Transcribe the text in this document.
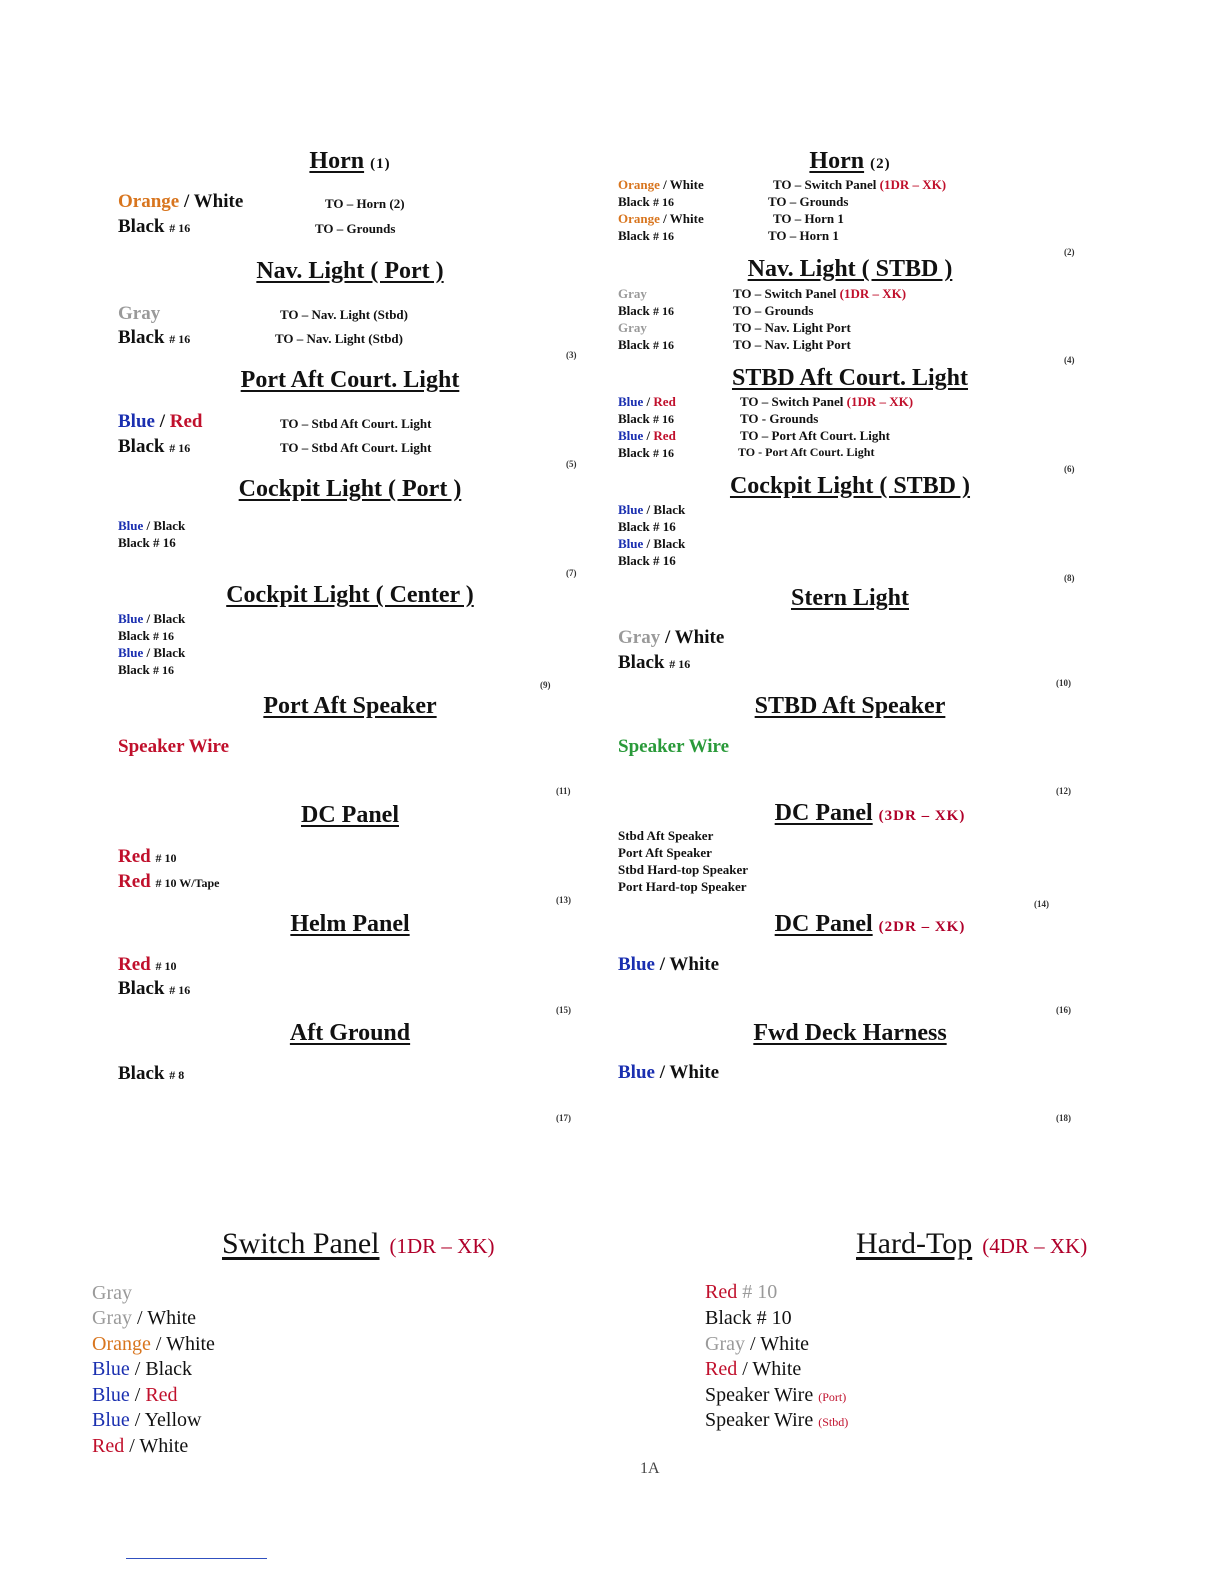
Horn (1)
Orange / White	TO – Horn (2)
Black # 16	TO – Grounds
Nav. Light ( Port )
Gray	TO – Nav. Light (Stbd)
Black # 16	TO – Nav. Light (Stbd)
(3)
Port Aft Court. Light
Blue / Red	TO – Stbd Aft Court. Light
Black # 16	TO – Stbd Aft Court. Light
(5)
Cockpit Light ( Port )
Blue / Black
Black # 16
(7)
Cockpit Light ( Center )
Blue / Black
Black # 16
Blue / Black
Black # 16
(9)
Port Aft Speaker
Speaker Wire
(11)
DC Panel
Red # 10
Red # 10 W/Tape
(13)
Helm Panel
Red # 10
Black # 16
(15)
Aft Ground
Black # 8
(17)
Horn (2)
Orange / White	TO – Switch Panel (1DR – XK)
Black # 16	TO – Grounds
Orange / White	TO – Horn 1
Black # 16	TO – Horn 1
(2)
Nav. Light ( STBD )
Gray	TO – Switch Panel (1DR – XK)
Black # 16	TO – Grounds
Gray	TO – Nav. Light Port
Black # 16	TO – Nav. Light Port
(4)
STBD Aft Court. Light
Blue / Red	TO – Switch Panel (1DR – XK)
Black # 16	TO - Grounds
Blue / Red	TO – Port Aft Court. Light
Black # 16	TO - Port Aft Court. Light
(6)
Cockpit Light ( STBD )
Blue / Black
Black # 16
Blue / Black
Black # 16
(8)
Stern Light
Gray / White
Black # 16
(10)
STBD Aft Speaker
Speaker Wire
(12)
DC Panel (3DR – XK)
Stbd Aft Speaker
Port Aft Speaker
Stbd Hard-top Speaker
Port Hard-top Speaker
(14)
DC Panel (2DR – XK)
Blue / White
(16)
Fwd Deck Harness
Blue / White
(18)
Switch Panel (1DR – XK)
Gray
Gray / White
Orange / White
Blue / Black
Blue / Red
Blue / Yellow
Red / White
Hard-Top (4DR – XK)
Red # 10
Black # 10
Gray / White
Red / White
Speaker Wire (Port)
Speaker Wire (Stbd)
1A
